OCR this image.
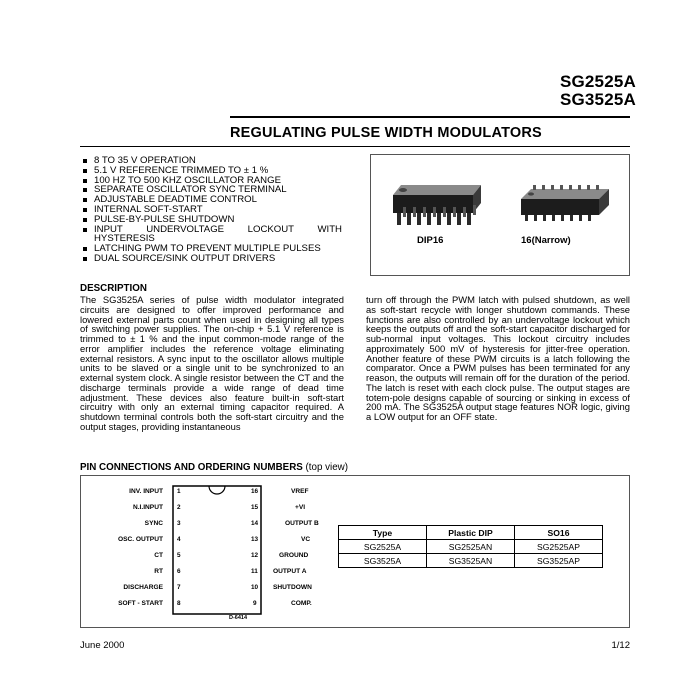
SG2525A
SG3525A
REGULATING PULSE WIDTH MODULATORS
8 TO 35 V OPERATION
5.1 V REFERENCE TRIMMED TO ± 1 %
100 HZ TO 500 KHZ OSCILLATOR RANGE
SEPARATE OSCILLATOR SYNC TERMINAL
ADJUSTABLE DEADTIME CONTROL
INTERNAL SOFT-START
PULSE-BY-PULSE SHUTDOWN
INPUT UNDERVOLTAGE LOCKOUT WITH HYSTERESIS
LATCHING PWM TO PREVENT MULTIPLE PULSES
DUAL SOURCE/SINK OUTPUT DRIVERS
DIP16	16(Narrow)
DESCRIPTION
The SG3525A series of pulse width modulator integrated circuits are designed to offer improved performance and lowered external parts count when used in designing all types of switching power supplies. The on-chip + 5.1 V reference is trimmed to ± 1 % and the input common-mode range of the error amplifier includes the reference voltage eliminating external resistors. A sync input to the oscillator allows multiple units to be slaved or a single unit to be synchronized to an external system clock. A single resistor between the CT and the discharge terminals provide a wide range of dead time adjustment. These devices also feature built-in soft-start circuitry with only an external timing capacitor required. A shutdown terminal controls both the soft-start circuitry and the output stages, providing instantaneous
turn off through the PWM latch with pulsed shutdown, as well as soft-start recycle with longer shutdown commands. These functions are also controlled by an undervoltage lockout which keeps the outputs off and the soft-start capacitor discharged for sub-normal input voltages. This lockout circuitry includes approximately 500 mV of hysteresis for jitter-free operation. Another feature of these PWM circuits is a latch following the comparator. Once a PWM pulses has been terminated for any reason, the outputs will remain off for the duration of the period. The latch is reset with each clock pulse. The output stages are totem-pole designs capable of sourcing or sinking in excess of 200 mA. The SG3525A output stage features NOR logic, giving a LOW output for an OFF state.
PIN CONNECTIONS AND ORDERING NUMBERS (top view)
INV. INPUT 1
N.I.INPUT 2
SYNC 3
OSC. OUTPUT 4
CT 5
RT 6
DISCHARGE 7
SOFT - START 8
16	VREF
15	+VI
14	OUTPUT B
13	VC
12	GROUND
11 OUTPUT A
10 SHUTDOWN
9	COMP.
D-6414
Type	Plastic DIP	SO16
SG2525A	SG2525AN	SG2525AP
SG3525A	SG3525AN	SG3525AP
June 2000	1/12
